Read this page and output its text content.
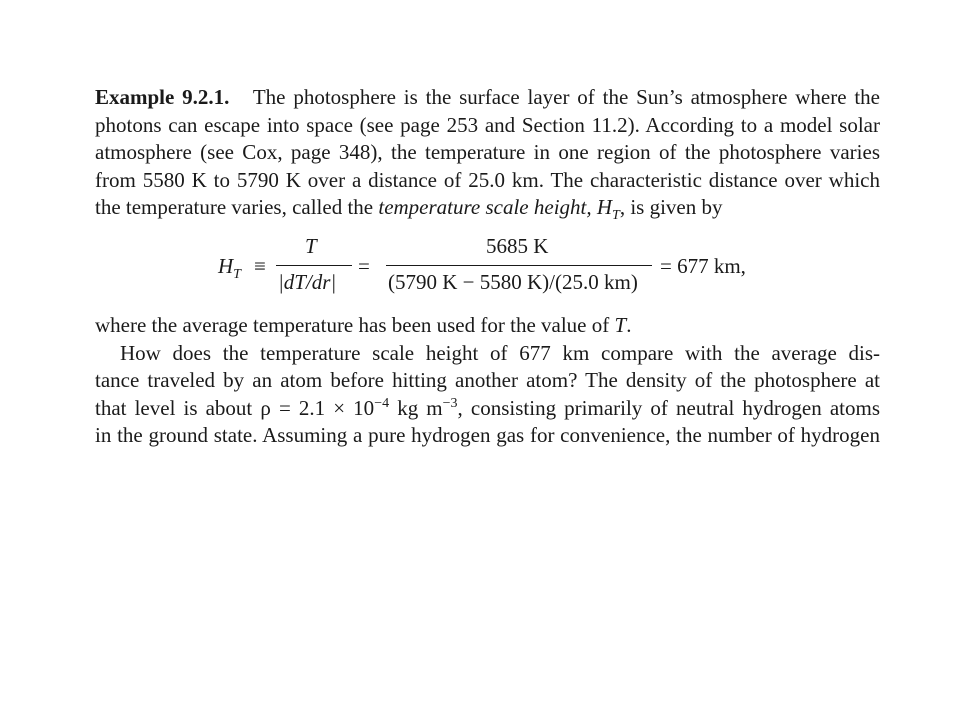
Example 9.2.1. The photosphere is the surface layer of the Sun’s atmosphere where the
photons can escape into space (see page 253 and Section 11.2). According to a model solar
atmosphere (see Cox, page 348), the temperature in one region of the photosphere varies
from 5580 K to 5790 K over a distance of 25.0 km. The characteristic distance over which
the temperature varies, called the temperature scale height, $H_T$, is given by
$H_T$ ≡
T
|dT/dr|
=
5685 K
(5790 K − 5580 K)/(25.0 km)
= 677 km,
where the average temperature has been used for the value of T.
How does the temperature scale height of 677 km compare with the average dis-
tance traveled by an atom before hitting another atom? The density of the photosphere at
that level is about $\rho = 2.1 \times 10^{-4}$ kg $m^{-3}$, consisting primarily of neutral hydrogen atoms
in the ground state. Assuming a pure hydrogen gas for convenience, the number of hydrogen
